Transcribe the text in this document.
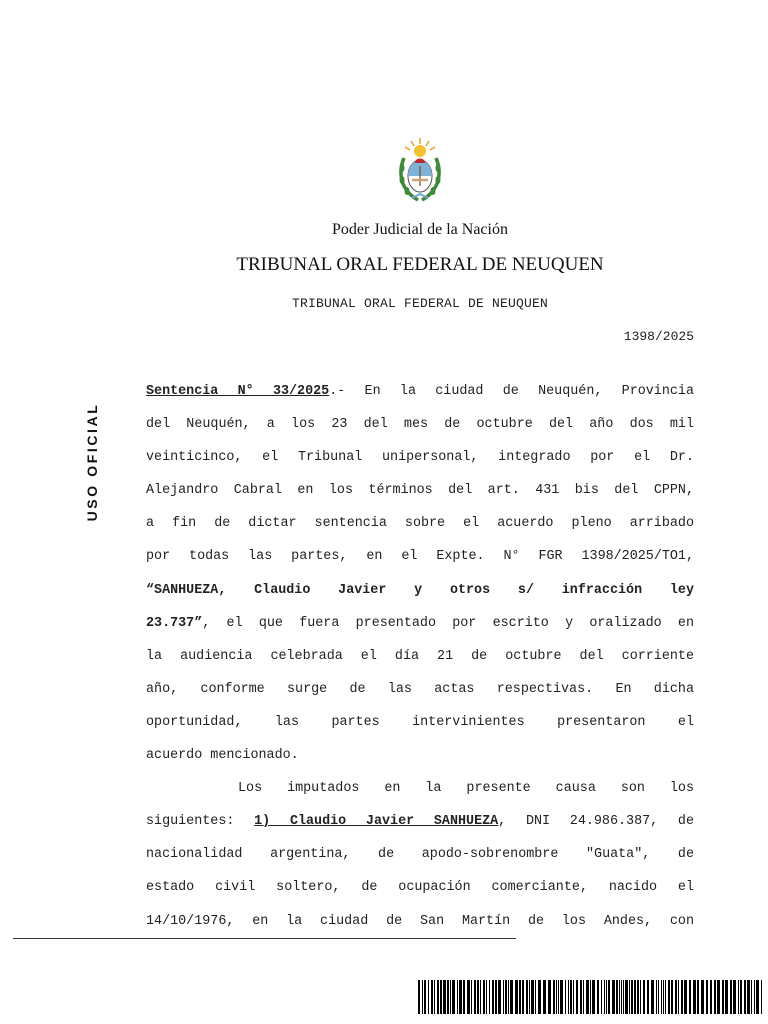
Poder Judicial de la Nación
TRIBUNAL ORAL FEDERAL DE NEUQUEN
TRIBUNAL ORAL FEDERAL DE NEUQUEN
1398/2025
USO OFICIAL
Sentencia N° 33/2025.- En la ciudad de Neuquén, Provincia
del Neuquén, a los 23 del mes de octubre del año dos mil
veinticinco, el Tribunal unipersonal, integrado por el Dr.
Alejandro Cabral en los términos del art. 431 bis del CPPN,
a fin de dictar sentencia sobre el acuerdo pleno arribado
por todas las partes, en el Expte. N° FGR 1398/2025/TO1,
“SANHUEZA, Claudio Javier y otros s/ infracción ley
23.737”, el que fuera presentado por escrito y oralizado en
la audiencia celebrada el día 21 de octubre del corriente
año, conforme surge de las actas respectivas. En dicha
oportunidad, las partes intervinientes presentaron el
acuerdo mencionado.
Los imputados en la presente causa son los
siguientes: 1) Claudio Javier SANHUEZA, DNI 24.986.387, de
nacionalidad argentina, de apodo-sobrenombre "Guata", de
estado civil soltero, de ocupación comerciante, nacido el
14/10/1976, en la ciudad de San Martín de los Andes, con
